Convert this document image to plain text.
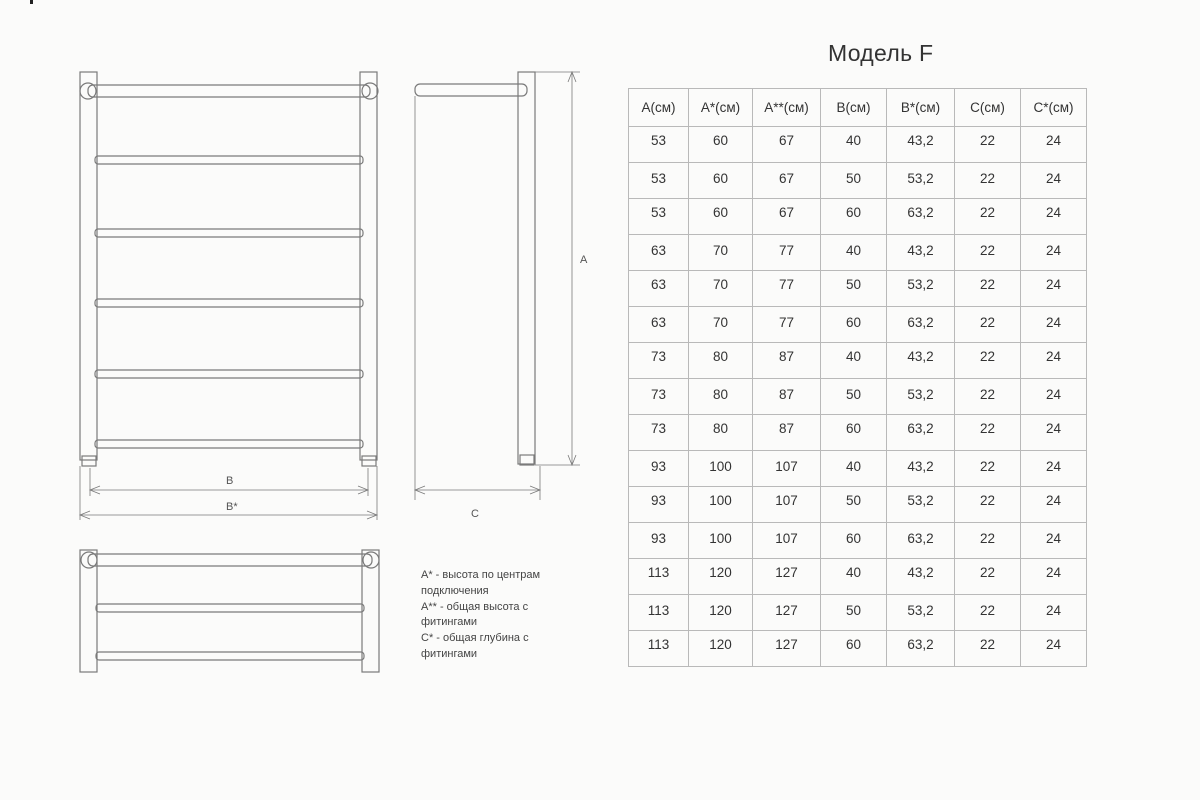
B
B*
C
A
Модель F
A* - высота по центрам
подключения
A** - общая высота с
фитингами
C* - общая глубина с
фитингами
A(см)	A*(см)	A**(см)	B(см)	B*(см)	C(см)	C*(см)
53	60	67	40	43,2	22	24
53	60	67	50	53,2	22	24
53	60	67	60	63,2	22	24
63	70	77	40	43,2	22	24
63	70	77	50	53,2	22	24
63	70	77	60	63,2	22	24
73	80	87	40	43,2	22	24
73	80	87	50	53,2	22	24
73	80	87	60	63,2	22	24
93	100	107	40	43,2	22	24
93	100	107	50	53,2	22	24
93	100	107	60	63,2	22	24
113	120	127	40	43,2	22	24
113	120	127	50	53,2	22	24
113	120	127	60	63,2	22	24
